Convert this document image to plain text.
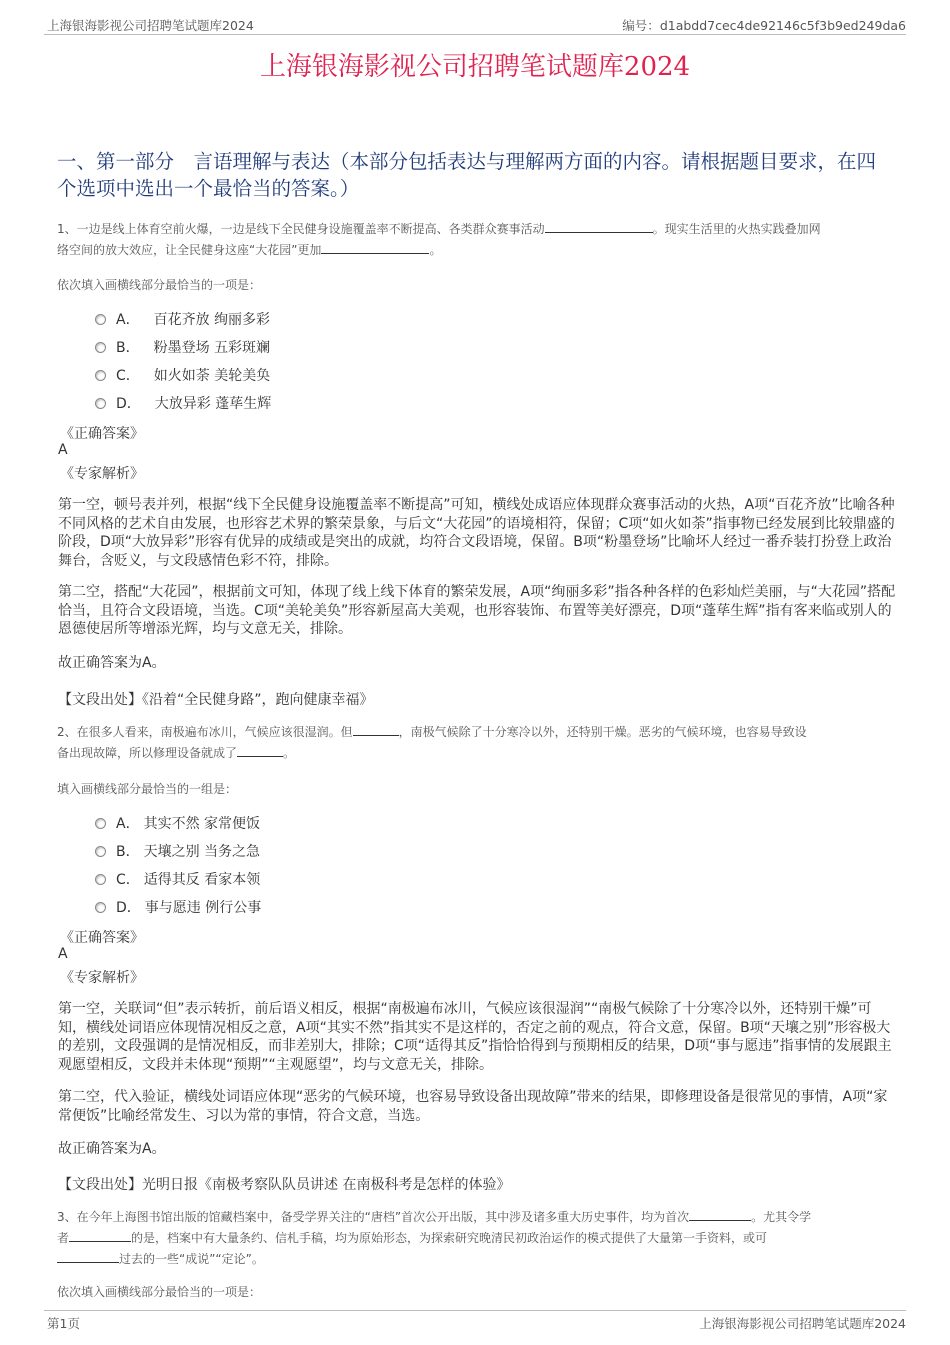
上海银海影视公司招聘笔试题库2024	编号：d1abdd7cec4de92146c5f3b9ed249da6
上海银海影视公司招聘笔试题库2024
一、第一部分　言语理解与表达（本部分包括表达与理解两方面的内容。请根据题目要求，在四个选项中选出一个最恰当的答案。）
1、一边是线上体育空前火爆，一边是线下全民健身设施覆盖率不断提高、各类群众赛事活动	。现实生活里的火热实践叠加网
络空间的放大效应，让全民健身这座“大花园”更加	。
依次填入画横线部分最恰当的一项是：
A． 百花齐放 绚丽多彩
B． 粉墨登场 五彩斑斓
C． 如火如荼 美轮美奂
D． 大放异彩 蓬荜生辉
《正确答案》
A
《专家解析》
第一空，顿号表并列，根据“线下全民健身设施覆盖率不断提高”可知，横线处成语应体现群众赛事活动的火热，A项“百花齐放”比喻各种不同风格的艺术自由发展，也形容艺术界的繁荣景象，与后文“大花园”的语境相符，保留；C项“如火如荼”指事物已经发展到比较鼎盛的阶段，D项“大放异彩”形容有优异的成绩或是突出的成就，均符合文段语境，保留。B项“粉墨登场”比喻坏人经过一番乔装打扮登上政治舞台，含贬义，与文段感情色彩不符，排除。
第二空，搭配“大花园”，根据前文可知，体现了线上线下体育的繁荣发展，A项“绚丽多彩”指各种各样的色彩灿烂美丽，与“大花园”搭配恰当，且符合文段语境，当选。C项“美轮美奂”形容新屋高大美观，也形容装饰、布置等美好漂亮，D项“蓬荜生辉”指有客来临或别人的恩德使居所等增添光辉，均与文意无关，排除。
故正确答案为A。
【文段出处】《沿着“全民健身路”，跑向健康幸福》
2、在很多人看来，南极遍布冰川，气候应该很湿润。但	，南极气候除了十分寒冷以外，还特别干燥。恶劣的气候环境，也容易导致设
备出现故障，所以修理设备就成了	。
填入画横线部分最恰当的一组是：
A． 其实不然 家常便饭
B． 天壤之别 当务之急
C． 适得其反 看家本领
D． 事与愿违 例行公事
《正确答案》
A
《专家解析》
第一空，关联词“但”表示转折，前后语义相反，根据“南极遍布冰川，气候应该很湿润”“南极气候除了十分寒冷以外，还特别干燥”可知，横线处词语应体现情况相反之意，A项“其实不然”指其实不是这样的，否定之前的观点，符合文意，保留。B项“天壤之别”形容极大的差别，文段强调的是情况相反，而非差别大，排除；C项“适得其反”指恰恰得到与预期相反的结果，D项“事与愿违”指事情的发展跟主观愿望相反，文段并未体现“预期”“主观愿望”，均与文意无关，排除。
第二空，代入验证，横线处词语应体现“恶劣的气候环境，也容易导致设备出现故障”带来的结果，即修理设备是很常见的事情，A项“家常便饭”比喻经常发生、习以为常的事情，符合文意，当选。
故正确答案为A。
【文段出处】光明日报《南极考察队队员讲述 在南极科考是怎样的体验》
3、在今年上海图书馆出版的馆藏档案中，备受学界关注的“唐档”首次公开出版，其中涉及诸多重大历史事件，均为首次	。尤其令学
者	的是，档案中有大量条约、信札手稿，均为原始形态，为探索研究晚清民初政治运作的模式提供了大量第一手资料，或可
过去的一些“成说”“定论”。
依次填入画横线部分最恰当的一项是：
第1页	上海银海影视公司招聘笔试题库2024
